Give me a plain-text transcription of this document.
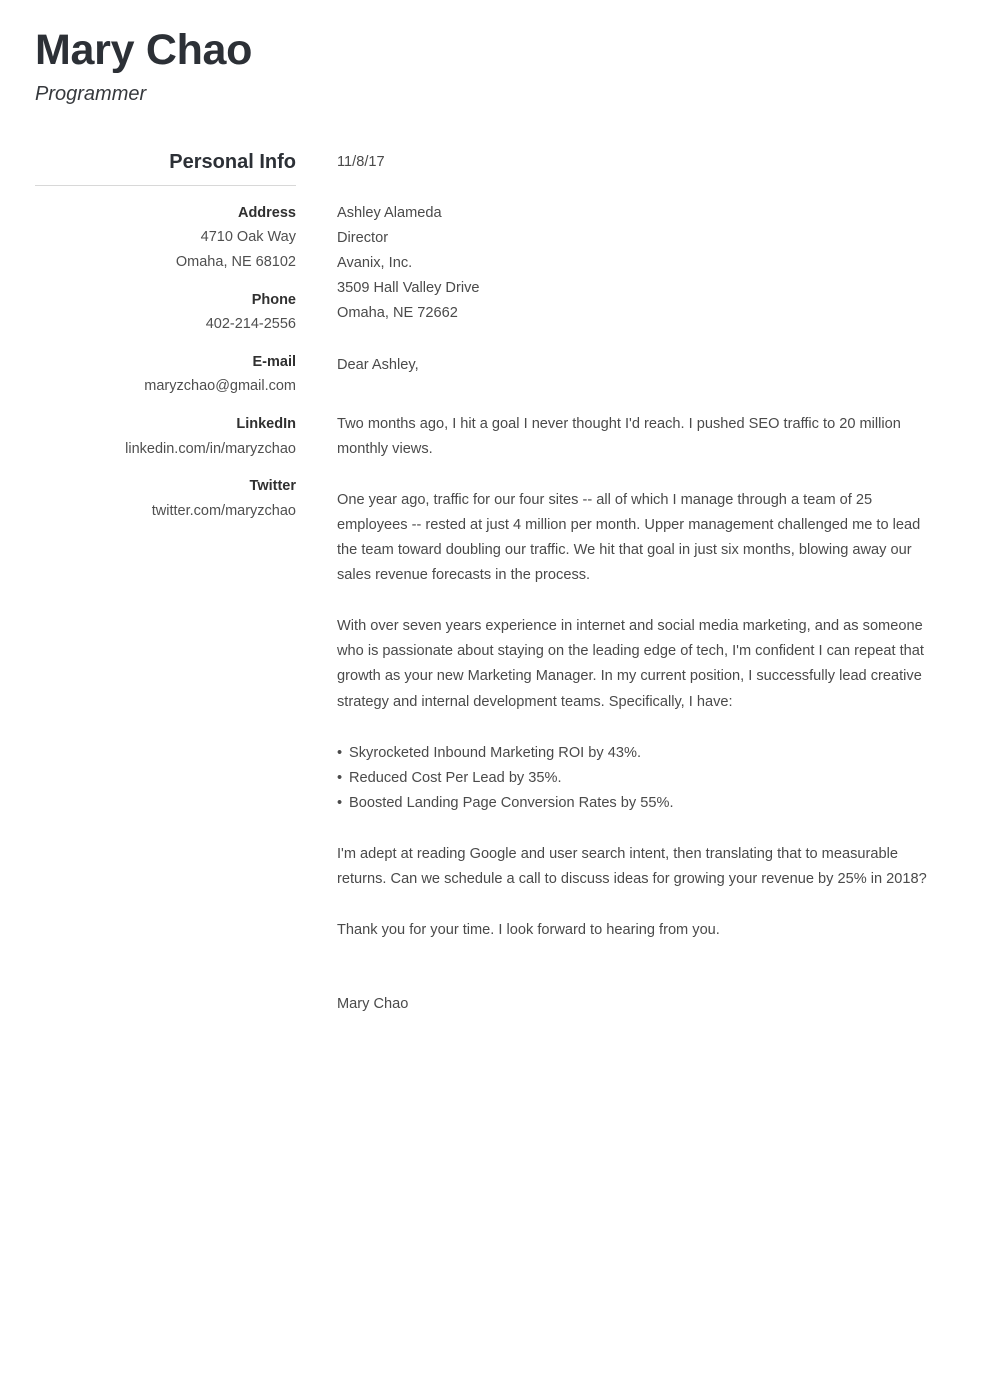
Mary Chao
Programmer
Personal Info
Address
4710 Oak Way
Omaha, NE 68102
Phone
402-214-2556
E-mail
maryzchao@gmail.com
LinkedIn
linkedin.com/in/maryzchao
Twitter
twitter.com/maryzchao
11/8/17
Ashley Alameda
Director
Avanix, Inc.
3509 Hall Valley Drive
Omaha, NE 72662
Dear Ashley,

Two months ago, I hit a goal I never thought I'd reach. I pushed SEO traffic to 20 million monthly views.

One year ago, traffic for our four sites -- all of which I manage through a team of 25 employees -- rested at just 4 million per month. Upper management challenged me to lead the team toward doubling our traffic. We hit that goal in just six months, blowing away our sales revenue forecasts in the process.

With over seven years experience in internet and social media marketing, and as someone who is passionate about staying on the leading edge of tech, I'm confident I can repeat that growth as your new Marketing Manager. In my current position, I successfully lead creative strategy and internal development teams. Specifically, I have:

• Skyrocketed Inbound Marketing ROI by 43%.
• Reduced Cost Per Lead by 35%.
• Boosted Landing Page Conversion Rates by 55%.

I'm adept at reading Google and user search intent, then translating that to measurable returns. Can we schedule a call to discuss ideas for growing your revenue by 25% in 2018?

Thank you for your time. I look forward to hearing from you.

Mary Chao
